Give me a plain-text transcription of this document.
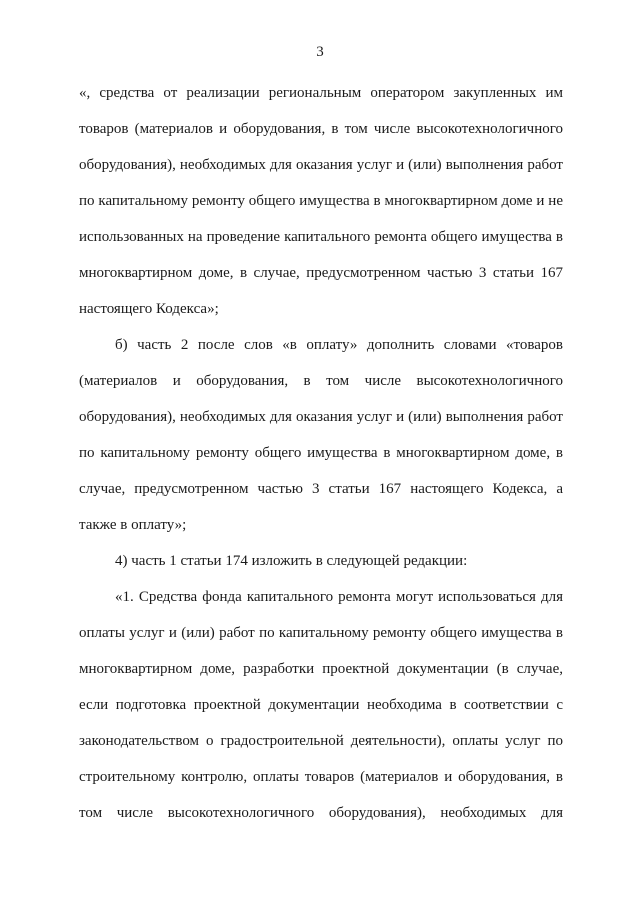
3
«, средства от реализации региональным оператором закупленных им
товаров (материалов и оборудования, в том числе высокотехнологичного
оборудования), необходимых для оказания услуг и (или) выполнения работ
по капитальному ремонту общего имущества в многоквартирном доме и не
использованных на проведение капитального ремонта общего имущества в
многоквартирном доме, в случае, предусмотренном частью 3 статьи 167
настоящего Кодекса»;
б) часть 2 после слов «в оплату» дополнить словами «товаров
(материалов и оборудования, в том числе высокотехнологичного
оборудования), необходимых для оказания услуг и (или) выполнения работ
по капитальному ремонту общего имущества в многоквартирном доме, в
случае, предусмотренном частью 3 статьи 167 настоящего Кодекса, а
также в оплату»;
4) часть 1 статьи 174 изложить в следующей редакции:
«1. Средства фонда капитального ремонта могут использоваться для
оплаты услуг и (или) работ по капитальному ремонту общего имущества в
многоквартирном доме, разработки проектной документации (в случае,
если подготовка проектной документации необходима в соответствии с
законодательством о градостроительной деятельности), оплаты услуг по
строительному контролю, оплаты товаров (материалов и оборудования, в
том числе высокотехнологичного оборудования), необходимых для
